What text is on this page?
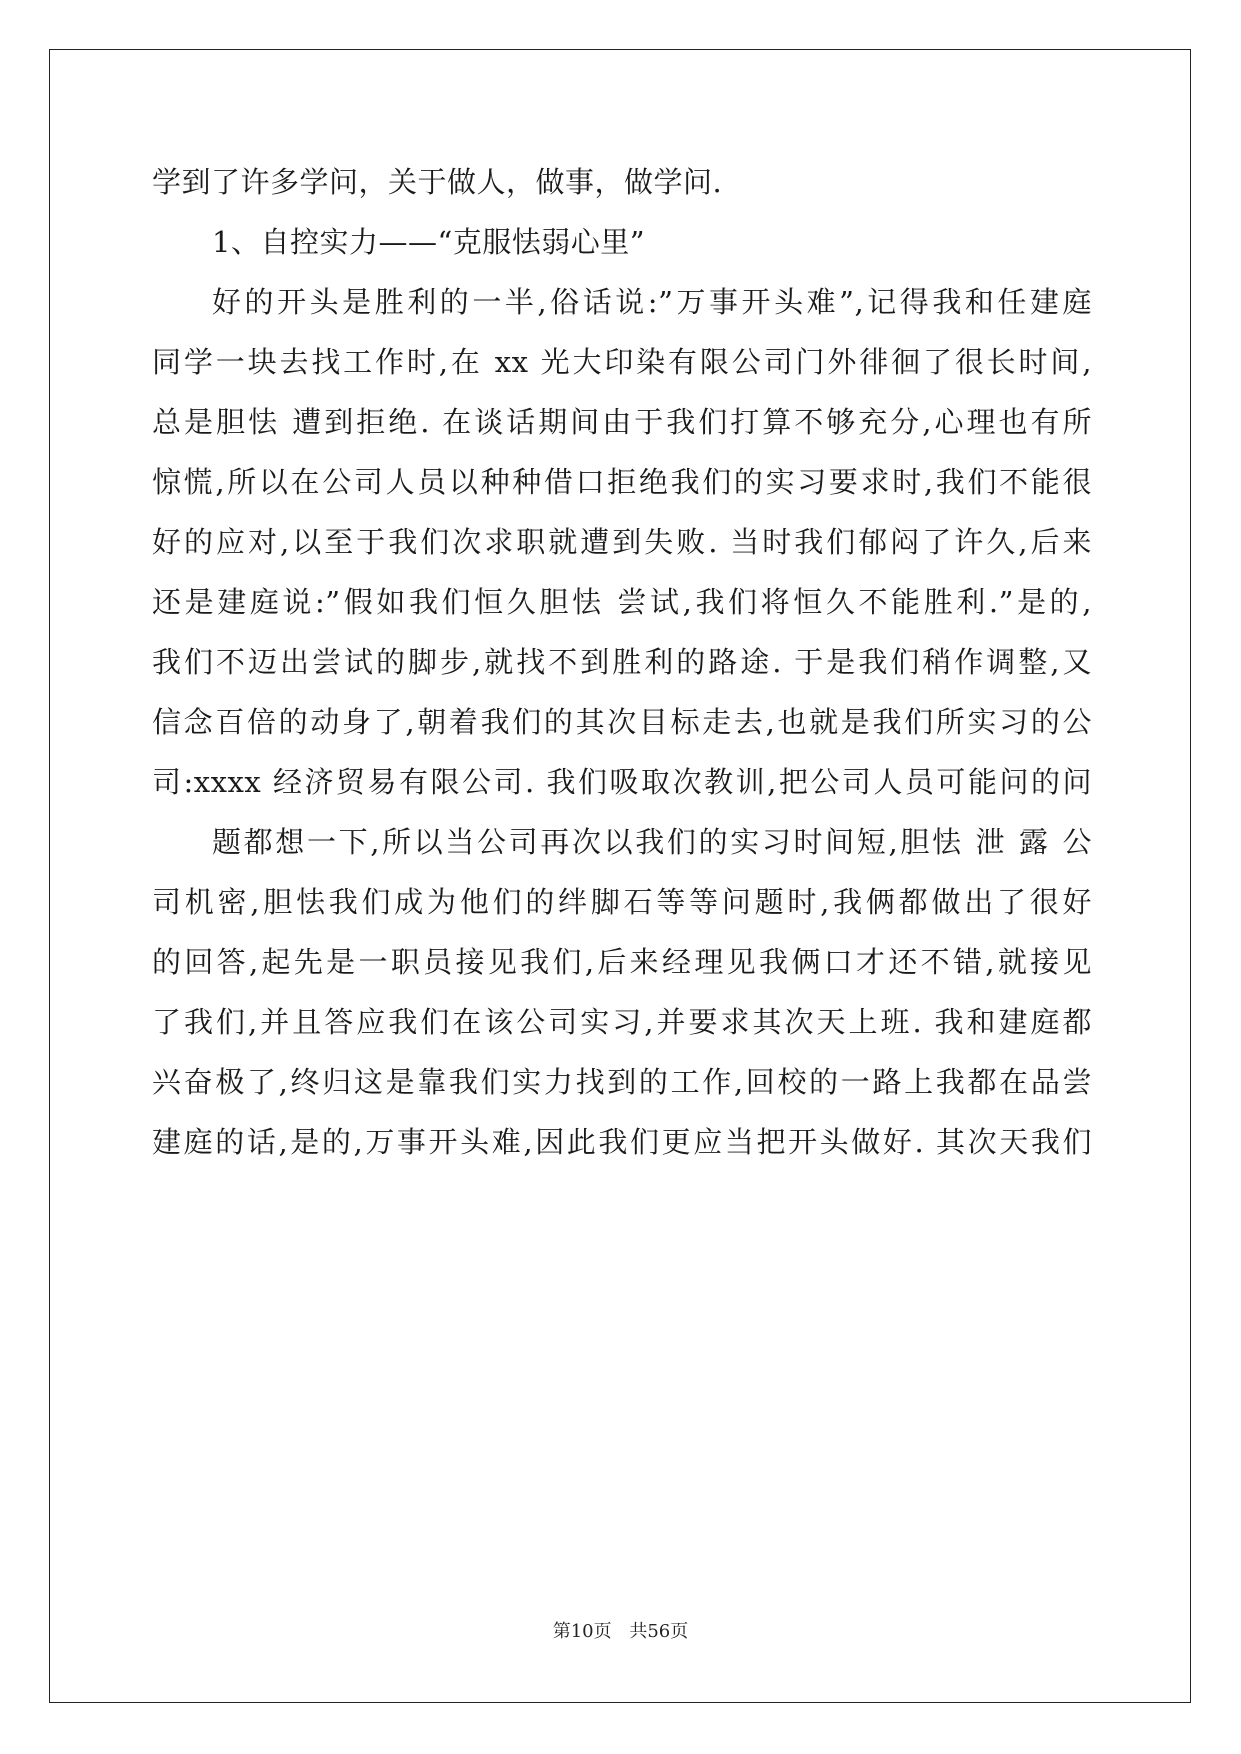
学到了许多学问，关于做人，做事，做学问.
1、自控实力——“克服怯弱心里”
好的开头是胜利的一半,俗话说:”万事开头难”,记得我和任建庭
同学一块去找工作时,在 xx 光大印染有限公司门外徘徊了很长时间,
总是胆怯 遭到拒绝. 在谈话期间由于我们打算不够充分,心理也有所
惊慌,所以在公司人员以种种借口拒绝我们的实习要求时,我们不能很
好的应对,以至于我们次求职就遭到失败. 当时我们郁闷了许久,后来
还是建庭说:”假如我们恒久胆怯 尝试,我们将恒久不能胜利.”是的,
我们不迈出尝试的脚步,就找不到胜利的路途. 于是我们稍作调整,又
信念百倍的动身了,朝着我们的其次目标走去,也就是我们所实习的公
司:xxxx 经济贸易有限公司. 我们吸取次教训,把公司人员可能问的问
题都想一下,所以当公司再次以我们的实习时间短,胆怯 泄 露 公
司机密,胆怯我们成为他们的绊脚石等等问题时,我俩都做出了很好
的回答,起先是一职员接见我们,后来经理见我俩口才还不错,就接见
了我们,并且答应我们在该公司实习,并要求其次天上班. 我和建庭都
兴奋极了,终归这是靠我们实力找到的工作,回校的一路上我都在品尝
建庭的话,是的,万事开头难,因此我们更应当把开头做好. 其次天我们
第10页 共56页
